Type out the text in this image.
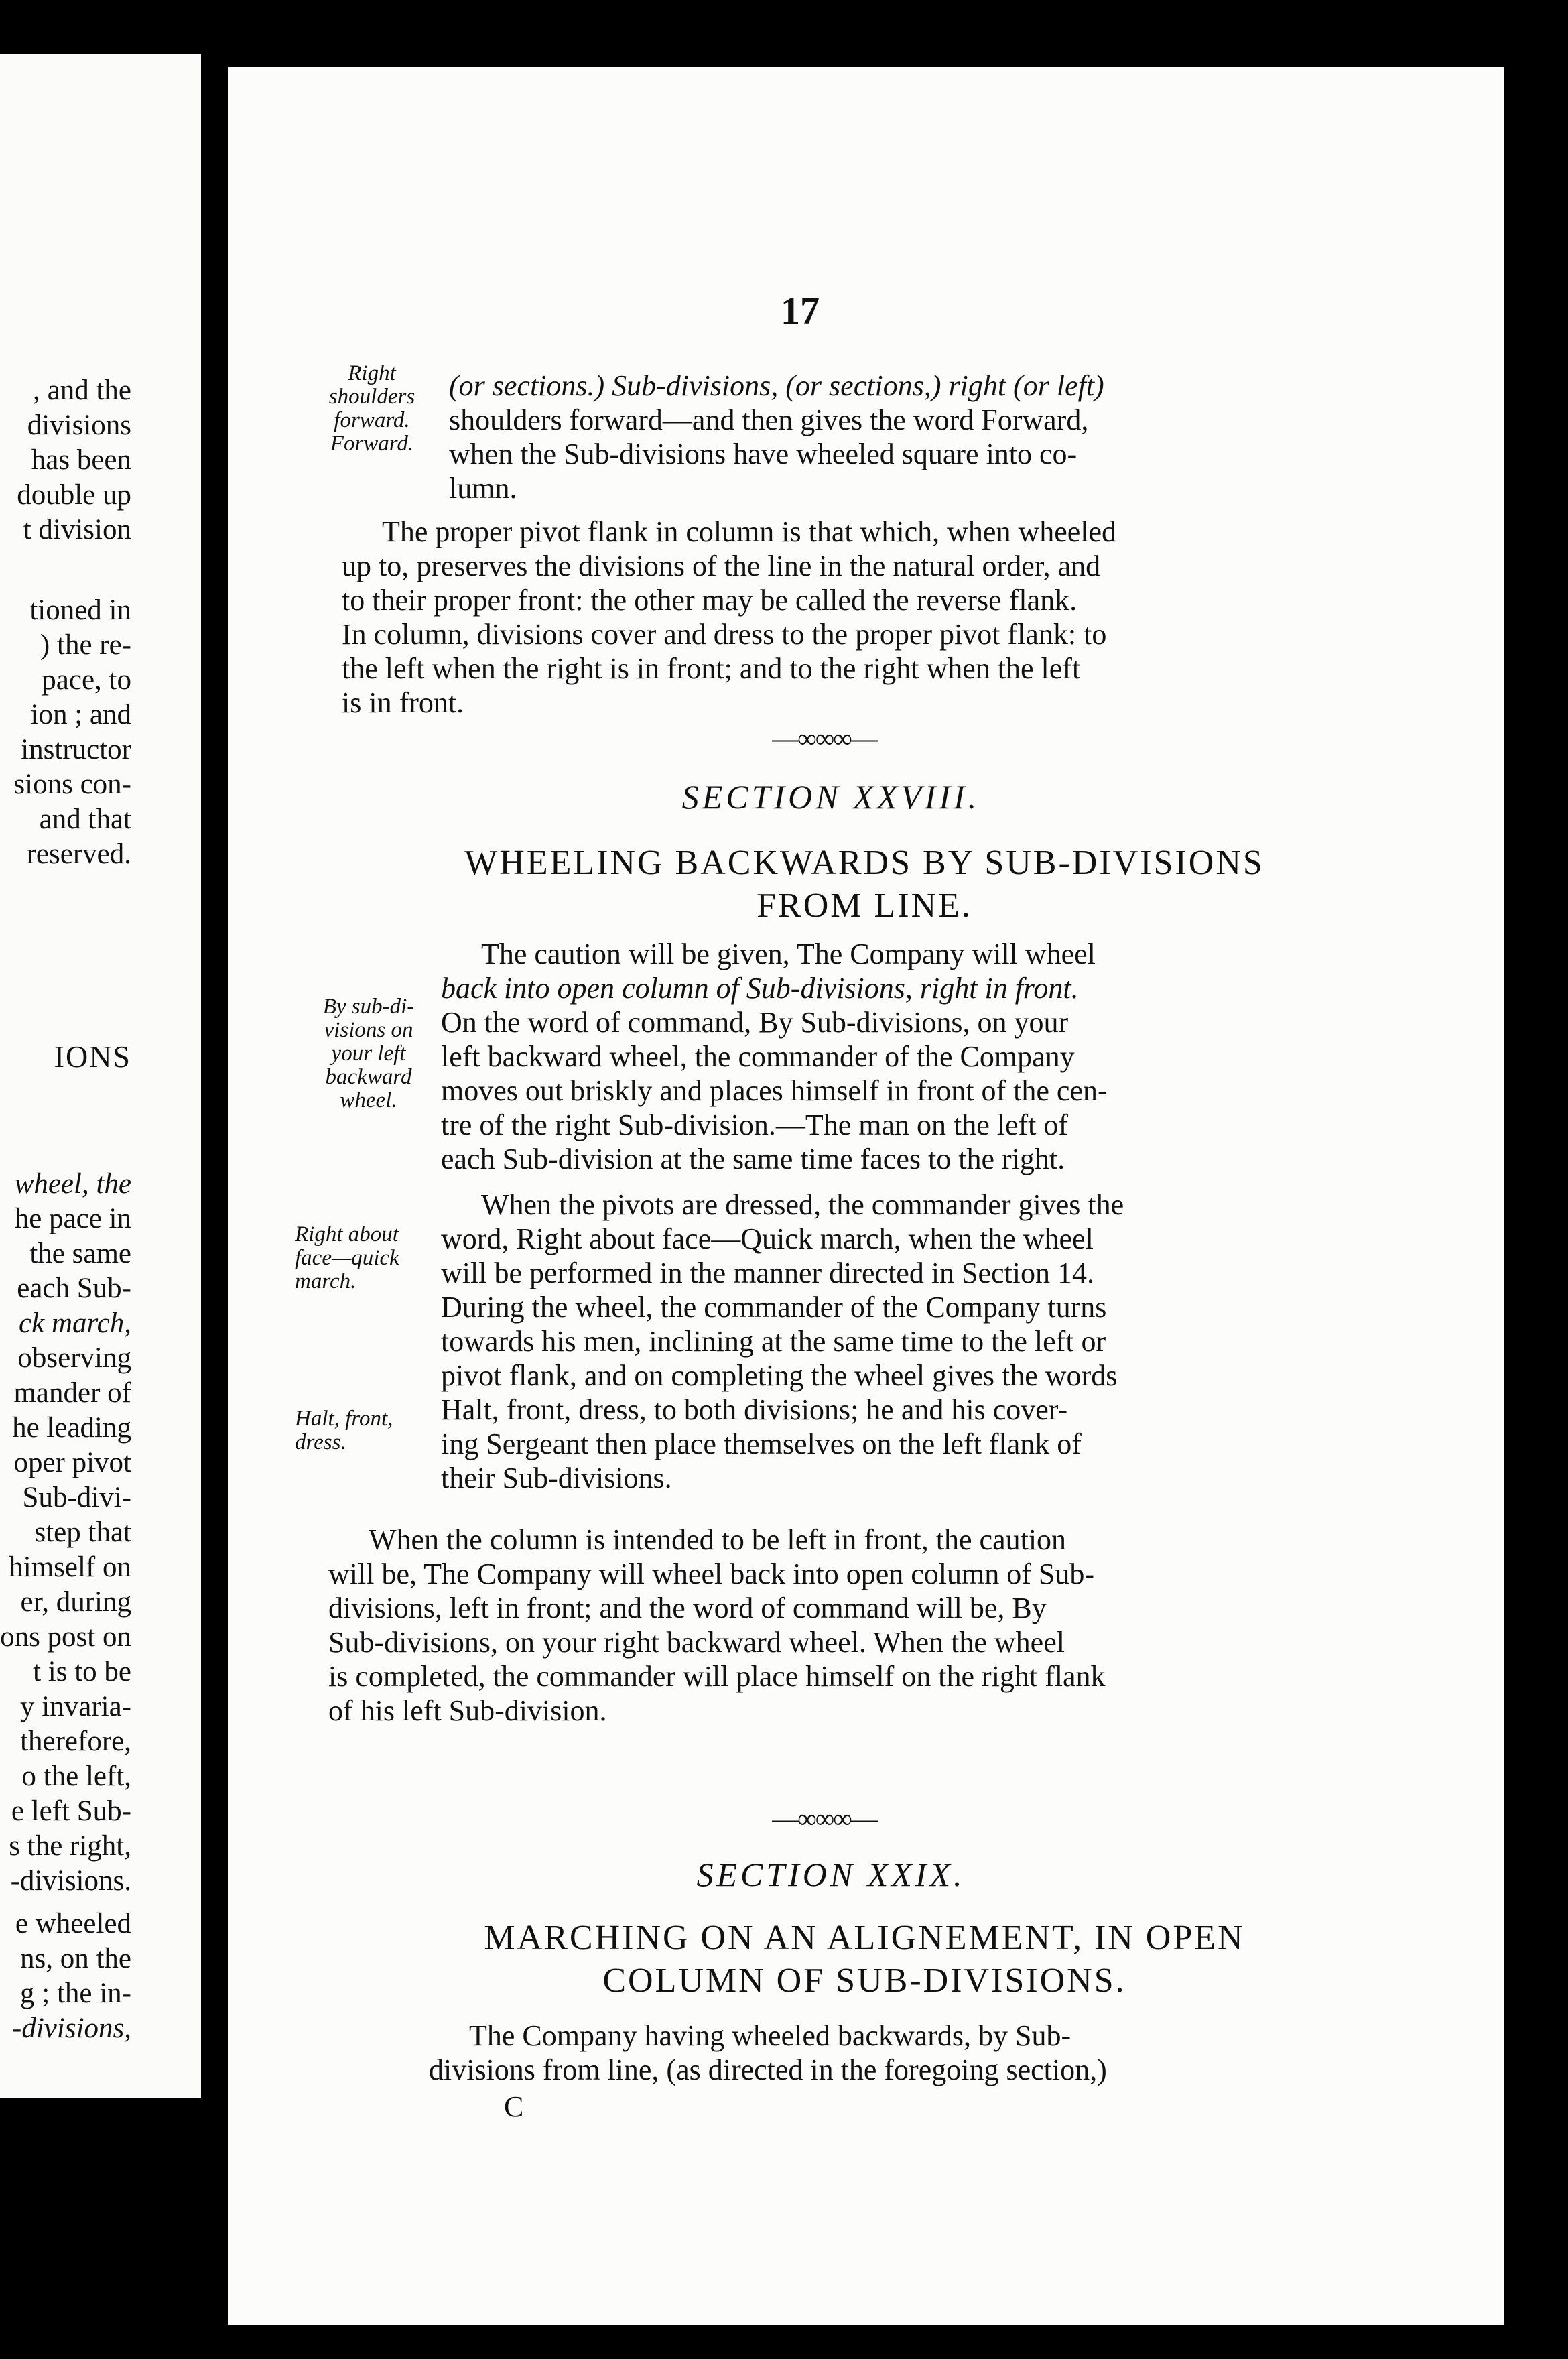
, and the
divisions
has been
double up
t division
tioned in
) the re-
pace, to
ion ; and
instructor
sions con-
and that
reserved.
IONS
wheel, the
he pace in
the same
each Sub-
ck march,
observing
mander of
he leading
oper pivot
Sub-divi-
step that
himself on
er, during
ons post on
t is to be
y invaria-
therefore,
o the left,
e left Sub-
s the right,
-divisions.
e wheeled
ns, on the
g ; the in-
-divisions,
17
Right
shoulders
forward.
Forward.
(or sections.) Sub-divisions, (or sections,) right (or left)
shoulders forward—and then gives the word Forward,
when the Sub-divisions have wheeled square into co-
lumn.
The proper pivot flank in column is that which, when wheeled
up to, preserves the divisions of the line in the natural order, and
to their proper front: the other may be called the reverse flank.
In column, divisions cover and dress to the proper pivot flank: to
the left when the right is in front; and to the right when the left
is in front.
—∞∞∞—
SECTION XXVIII.
WHEELING BACKWARDS BY SUB-DIVISIONS
FROM LINE.
By sub-di-
visions on
your left
backward
wheel.
The caution will be given, The Company will wheel
back into open column of Sub-divisions, right in front.
On the word of command, By Sub-divisions, on your
left backward wheel, the commander of the Company
moves out briskly and places himself in front of the cen-
tre of the right Sub-division.—The man on the left of
each Sub-division at the same time faces to the right.
Right about
face—quick
march.
Halt, front,
dress.
When the pivots are dressed, the commander gives the
word, Right about face—Quick march, when the wheel
will be performed in the manner directed in Section 14.
During the wheel, the commander of the Company turns
towards his men, inclining at the same time to the left or
pivot flank, and on completing the wheel gives the words
Halt, front, dress, to both divisions; he and his cover-
ing Sergeant then place themselves on the left flank of
their Sub-divisions.
When the column is intended to be left in front, the caution
will be, The Company will wheel back into open column of Sub-
divisions, left in front; and the word of command will be, By
Sub-divisions, on your right backward wheel. When the wheel
is completed, the commander will place himself on the right flank
of his left Sub-division.
—∞∞∞—
SECTION XXIX.
MARCHING ON AN ALIGNEMENT, IN OPEN
COLUMN OF SUB-DIVISIONS.
The Company having wheeled backwards, by Sub-
divisions from line, (as directed in the foregoing section,)
C
